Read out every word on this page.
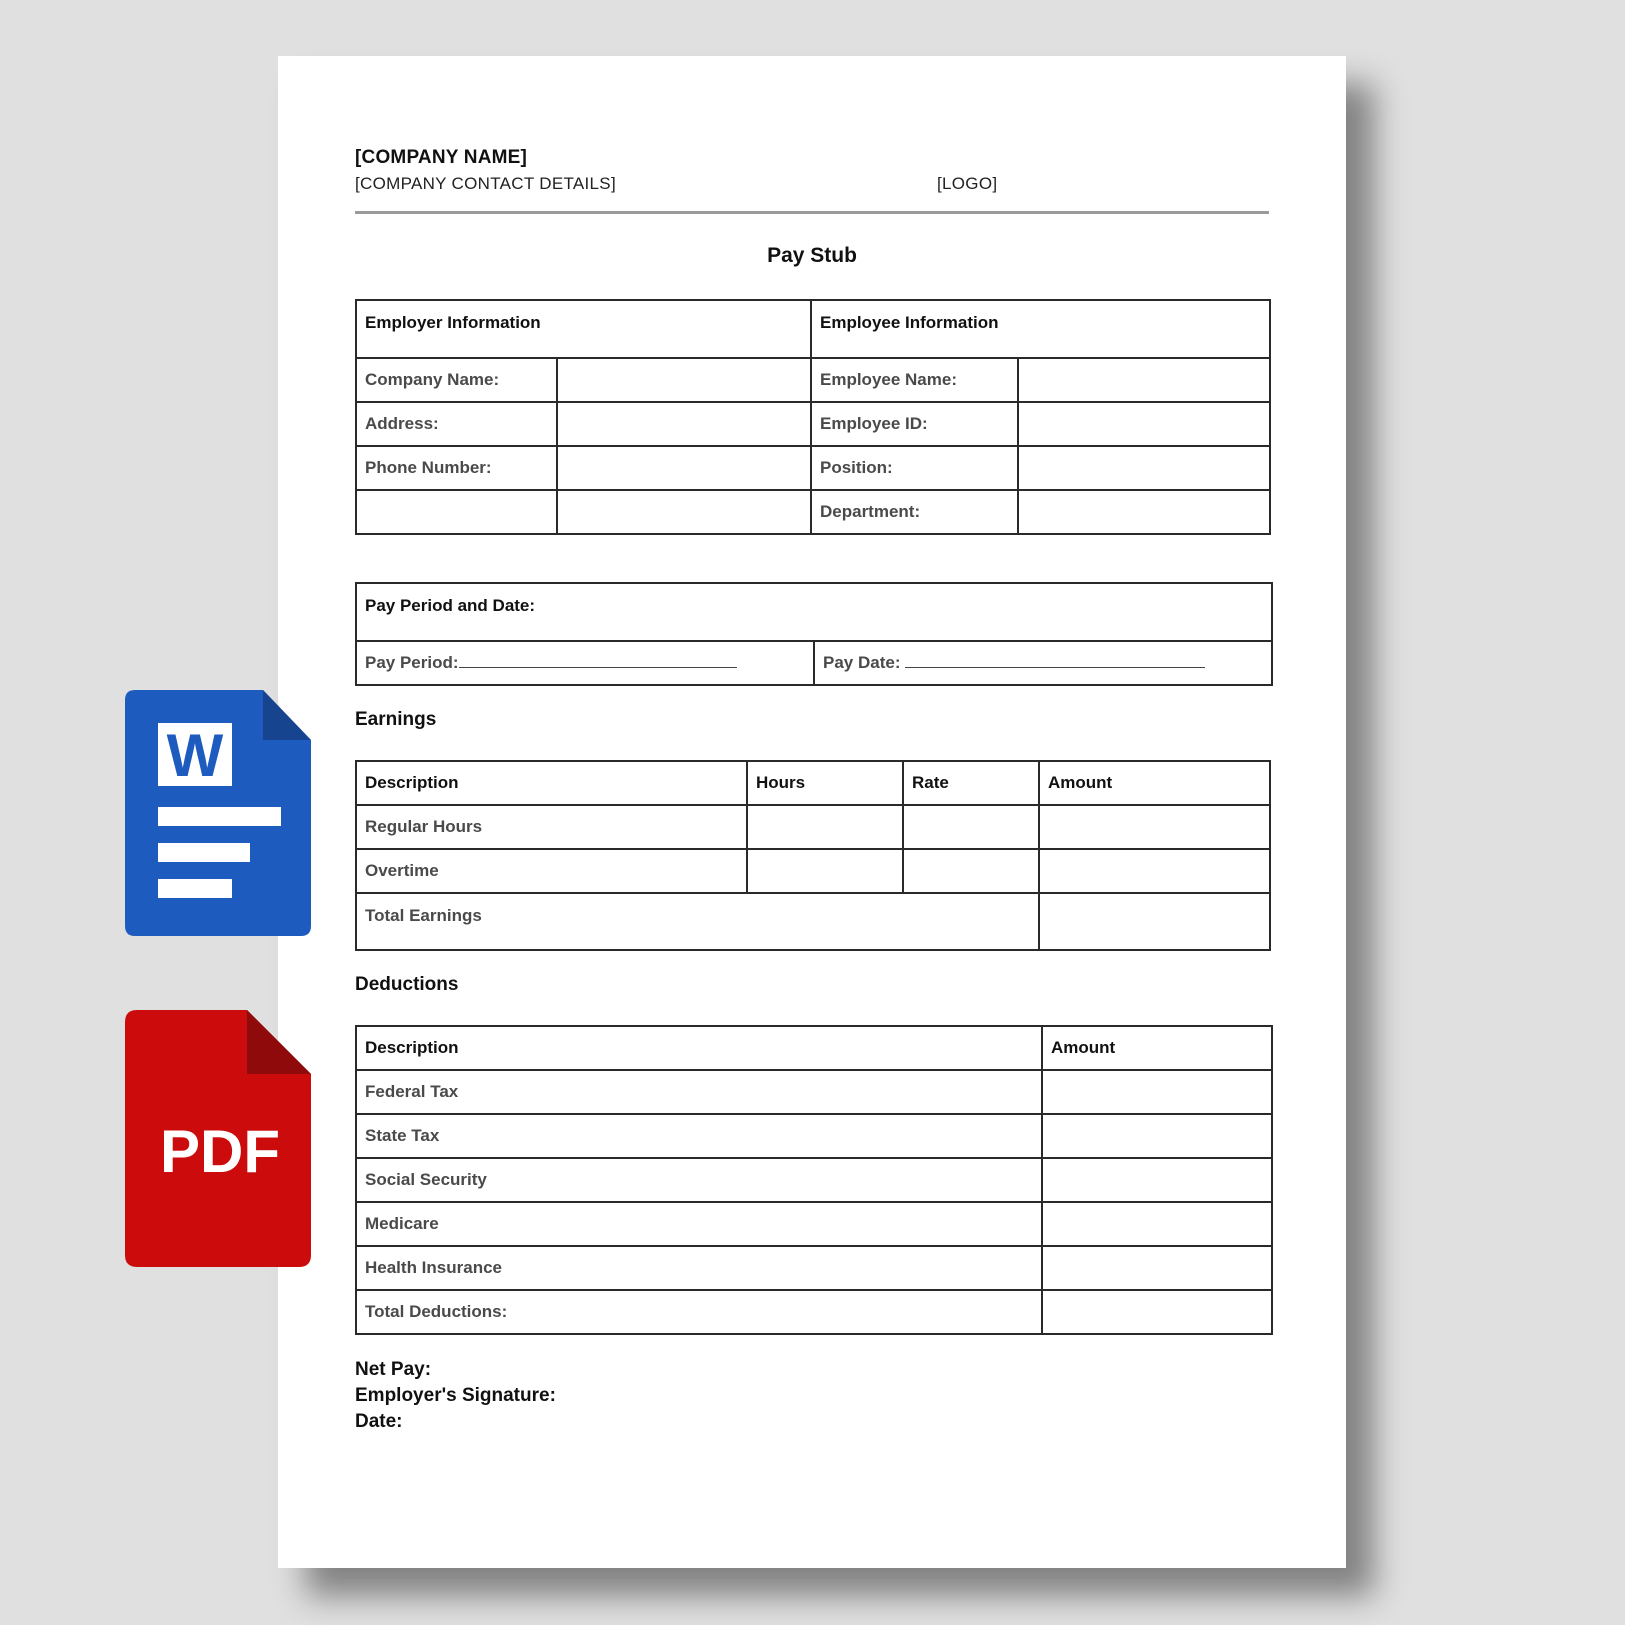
[COMPANY NAME]
[COMPANY CONTACT DETAILS]	[LOGO]
Pay Stub
Employer Information		Employee Information	
Company Name:		Employee Name:	
Address:		Employee ID:	
Phone Number:		Position:	
		Department:	
Pay Period and Date:
Pay Period:	Pay Date:
Earnings
Description	Hours	Rate	Amount
Regular Hours			
Overtime			
Total Earnings			
Deductions
Description	Amount
Federal Tax	
State Tax	
Social Security	
Medicare	
Health Insurance	
Total Deductions:	
Net Pay:
Employer's Signature:
Date:
W
PDF
